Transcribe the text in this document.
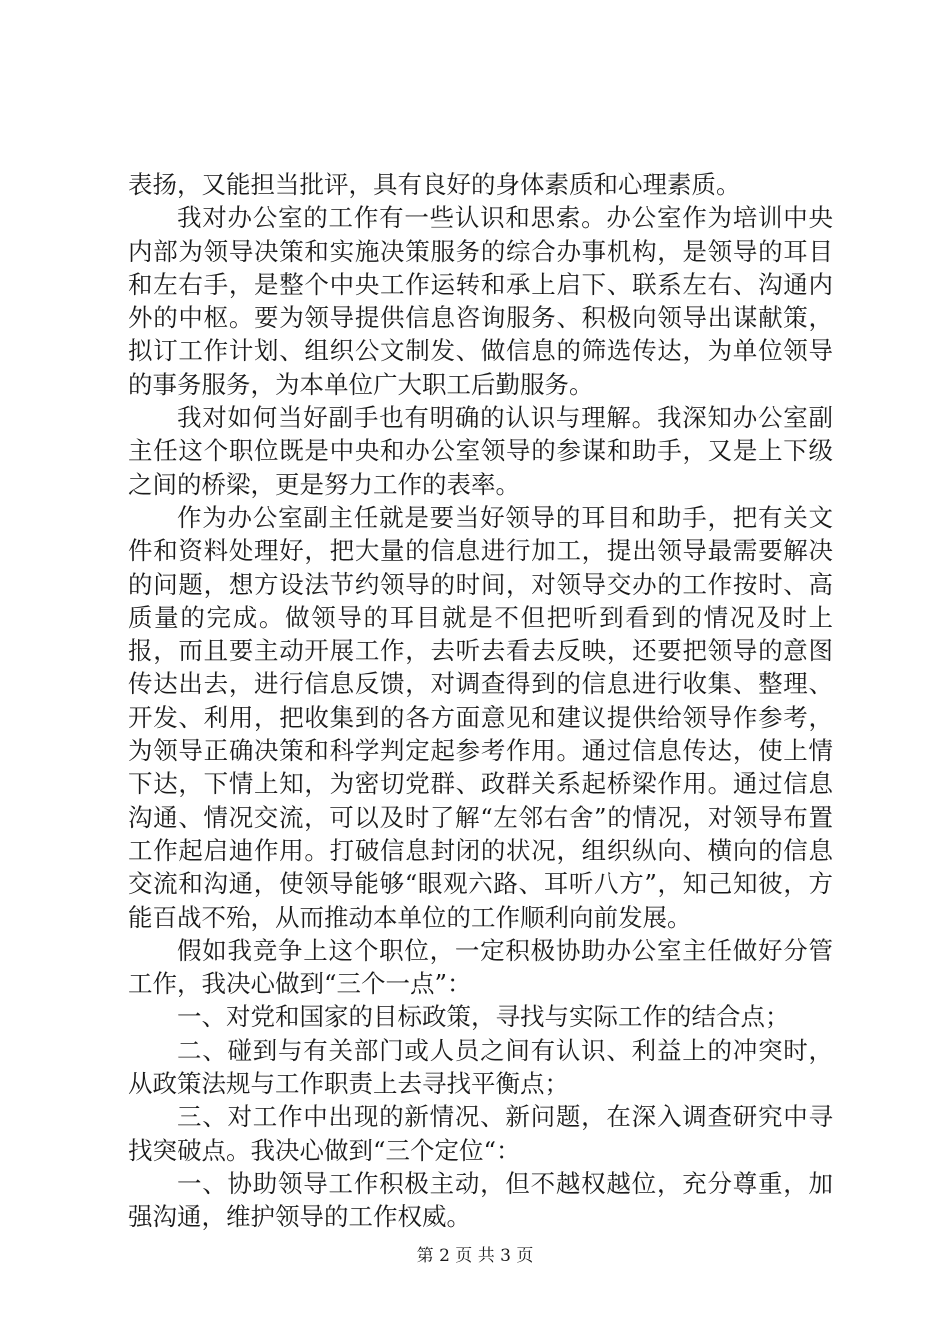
表扬，又能担当批评，具有良好的身体素质和心理素质。

我对办公室的工作有一些认识和思索。办公室作为培训中央内部为领导决策和实施决策服务的综合办事机构，是领导的耳目和左右手，是整个中央工作运转和承上启下、联系左右、沟通内外的中枢。要为领导提供信息咨询服务、积极向领导出谋献策，拟订工作计划、组织公文制发、做信息的筛选传达，为单位领导的事务服务，为本单位广大职工后勤服务。

我对如何当好副手也有明确的认识与理解。我深知办公室副主任这个职位既是中央和办公室领导的参谋和助手，又是上下级之间的桥梁，更是努力工作的表率。

作为办公室副主任就是要当好领导的耳目和助手，把有关文件和资料处理好，把大量的信息进行加工，提出领导最需要解决的问题，想方设法节约领导的时间，对领导交办的工作按时、高质量的完成。做领导的耳目就是不但把听到看到的情况及时上报，而且要主动开展工作，去听去看去反映，还要把领导的意图传达出去，进行信息反馈，对调查得到的信息进行收集、整理、开发、利用，把收集到的各方面意见和建议提供给领导作参考，为领导正确决策和科学判定起参考作用。通过信息传达，使上情下达，下情上知，为密切党群、政群关系起桥梁作用。通过信息沟通、情况交流，可以及时了解“左邻右舍”的情况，对领导布置工作起启迪作用。打破信息封闭的状况，组织纵向、横向的信息交流和沟通，使领导能够“眼观六路、耳听八方”，知己知彼，方能百战不殆，从而推动本单位的工作顺利向前发展。

假如我竞争上这个职位，一定积极协助办公室主任做好分管工作，我决心做到“三个一点”：

一、对党和国家的目标政策，寻找与实际工作的结合点；

二、碰到与有关部门或人员之间有认识、利益上的冲突时，从政策法规与工作职责上去寻找平衡点；

三、对工作中出现的新情况、新问题，在深入调查研究中寻找突破点。我决心做到“三个定位“：

一、协助领导工作积极主动，但不越权越位，充分尊重，加强沟通，维护领导的工作权威。

第 2 页 共 3 页
